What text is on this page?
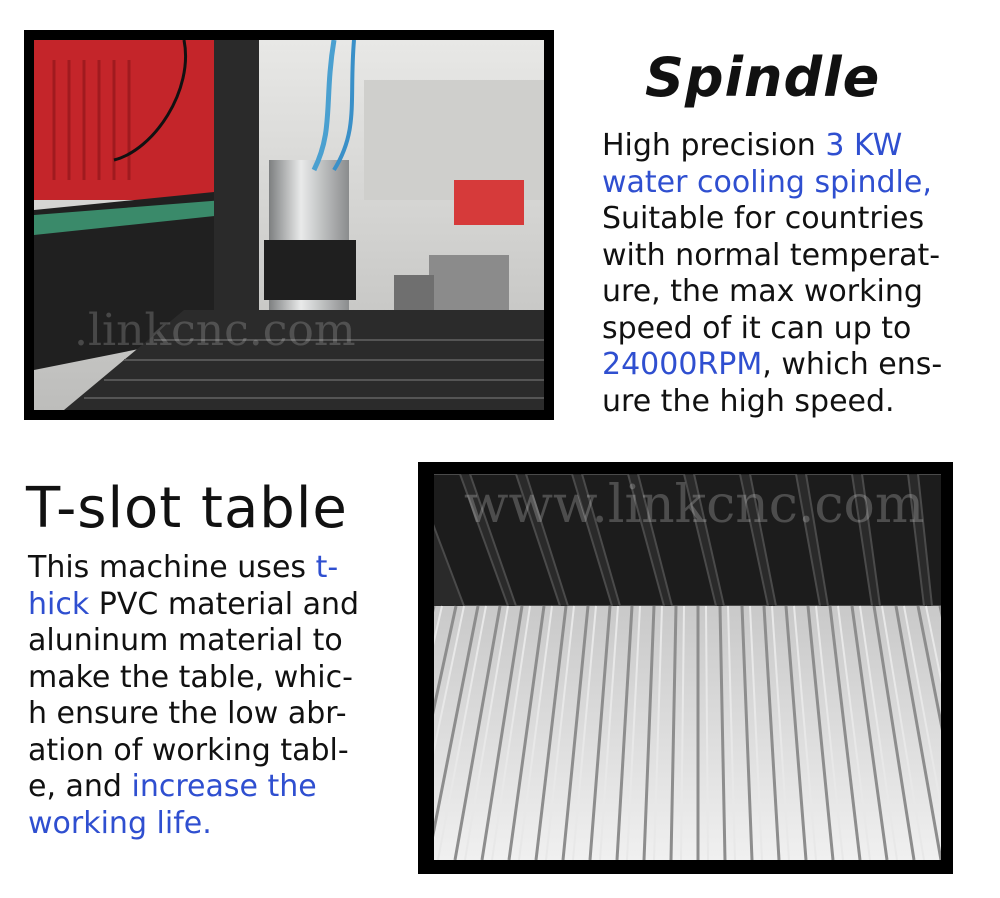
.linkcnc.com
Spindle

High precision 3 KW
water cooling spindle,
Suitable for countries
with normal temperat-
ure, the max working
speed of it can up to
24000RPM, which ens-
ure the high speed.

www.linkcnc.com
T-slot table

This machine uses t-
hick PVC material and
aluninum material to
make the table, whic-
h ensure the low abr-
ation of working tabl-
e, and increase the
working life.
